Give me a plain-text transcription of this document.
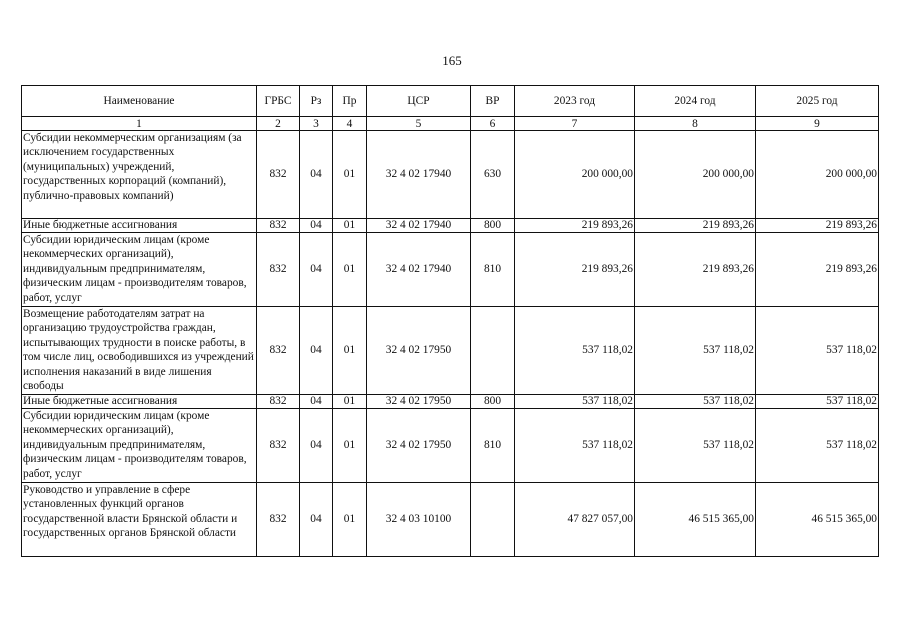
165
Наименование	ГРБС	Рз	Пр	ЦСР	ВР	2023 год	2024 год	2025 год
1	2	3	4	5	6	7	8	9
Субсидии некоммерческим организациям (за исключением государственных (муниципальных) учреждений, государственных корпораций (компаний), публично-правовых компаний)	832	04	01	32 4 02 17940	630	200 000,00	200 000,00	200 000,00
Иные бюджетные ассигнования	832	04	01	32 4 02 17940	800	219 893,26	219 893,26	219 893,26
Субсидии юридическим лицам (кроме некоммерческих организаций), индивидуальным предпринимателям, физическим лицам - производителям товаров, работ, услуг	832	04	01	32 4 02 17940	810	219 893,26	219 893,26	219 893,26
Возмещение работодателям затрат на организацию трудоустройства граждан, испытывающих трудности в поиске работы, в том числе лиц, освободившихся из учреждений исполнения наказаний в виде лишения свободы	832	04	01	32 4 02 17950		537 118,02	537 118,02	537 118,02
Иные бюджетные ассигнования	832	04	01	32 4 02 17950	800	537 118,02	537 118,02	537 118,02
Субсидии юридическим лицам (кроме некоммерческих организаций), индивидуальным предпринимателям, физическим лицам - производителям товаров, работ, услуг	832	04	01	32 4 02 17950	810	537 118,02	537 118,02	537 118,02
Руководство и управление в сфере установленных функций органов государственной власти Брянской области и государственных органов Брянской области	832	04	01	32 4 03 10100		47 827 057,00	46 515 365,00	46 515 365,00
